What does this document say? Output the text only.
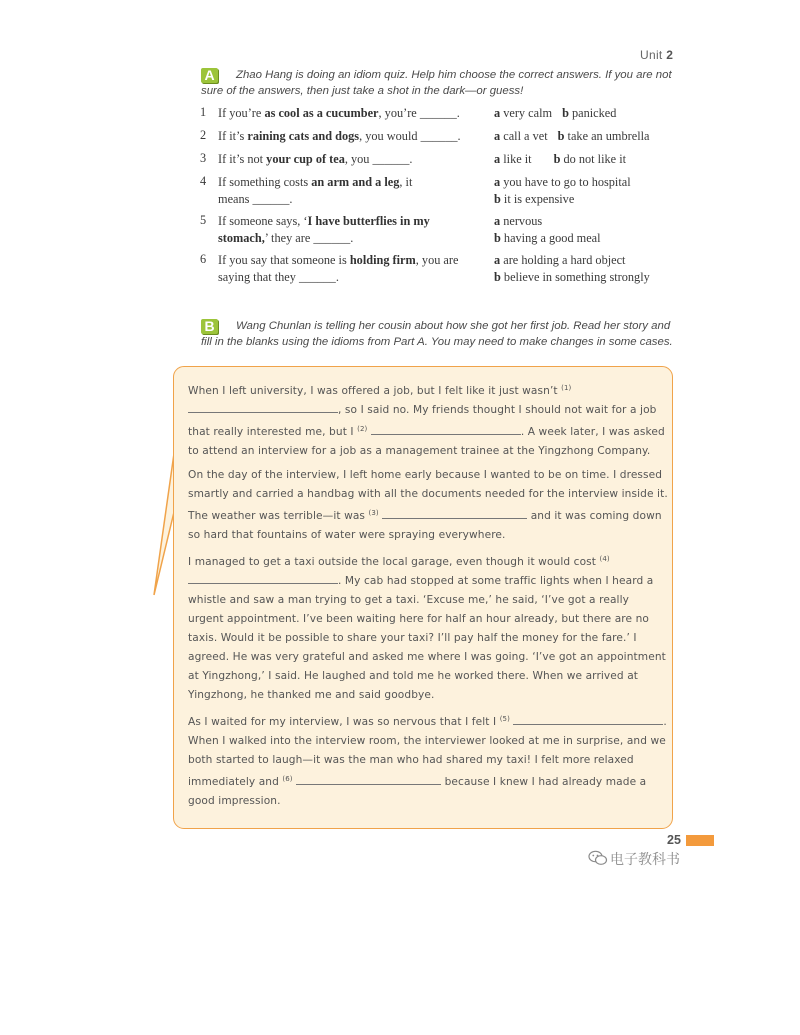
Unit 2
A Zhao Hang is doing an idiom quiz. Help him choose the correct answers. If you are not sure of the answers, then just take a shot in the dark—or guess!
1 If you’re as cool as a cucumber, you’re ______.	a very calm b panicked
2 If it’s raining cats and dogs, you would ______.	a call a vet b take an umbrella
3 If it’s not your cup of tea, you ______.	a like it b do not like it
4 If something costs an arm and a leg, it means ______.
a you have to go to hospital
b it is expensive
5 If someone says, ‘I have butterflies in my stomach,’ they are ______.
a nervous
b having a good meal
6 If you say that someone is holding firm, you are saying that they ______.
a are holding a hard object
b believe in something strongly
B Wang Chunlan is telling her cousin about how she got her first job. Read her story and fill in the blanks using the idioms from Part A. You may need to make changes in some cases.

When I left university, I was offered a job, but I felt like it just wasn’t $^{(1)}$ , so I said no. My friends thought I should not wait for a job that really interested me, but I $^{(2)}$	. A week later, I was asked to attend an interview for a job as a management trainee at the Yingzhong Company.

On the day of the interview, I left home early because I wanted to be on time. I dressed smartly and carried a handbag with all the documents needed for the interview inside it. The weather was terrible—it was $^{(3)}$	and it was coming down so hard that fountains of water were spraying everywhere.

I managed to get a taxi outside the local garage, even though it would cost $^{(4)}$ . My cab had stopped at some traffic lights when I heard a whistle and saw a man trying to get a taxi. ‘Excuse me,’ he said, ‘I’ve got a really urgent appointment. I’ve been waiting here for half an hour already, but there are no taxis. Would it be possible to share your taxi? I’ll pay half the money for the fare.’ I agreed. He was very grateful and asked me where I was going. ‘I’ve got an appointment at Yingzhong,’ I said. He laughed and told me he worked there. When we arrived at Yingzhong, he thanked me and said goodbye.

As I waited for my interview, I was so nervous that I felt I $^{(5)}$	. When I walked into the interview room, the interviewer looked at me in surprise, and we both started to laugh—it was the man who had shared my taxi! I felt more relaxed immediately and $^{(6)}$	because I knew I had already made a good impression.

25
电子教科书
